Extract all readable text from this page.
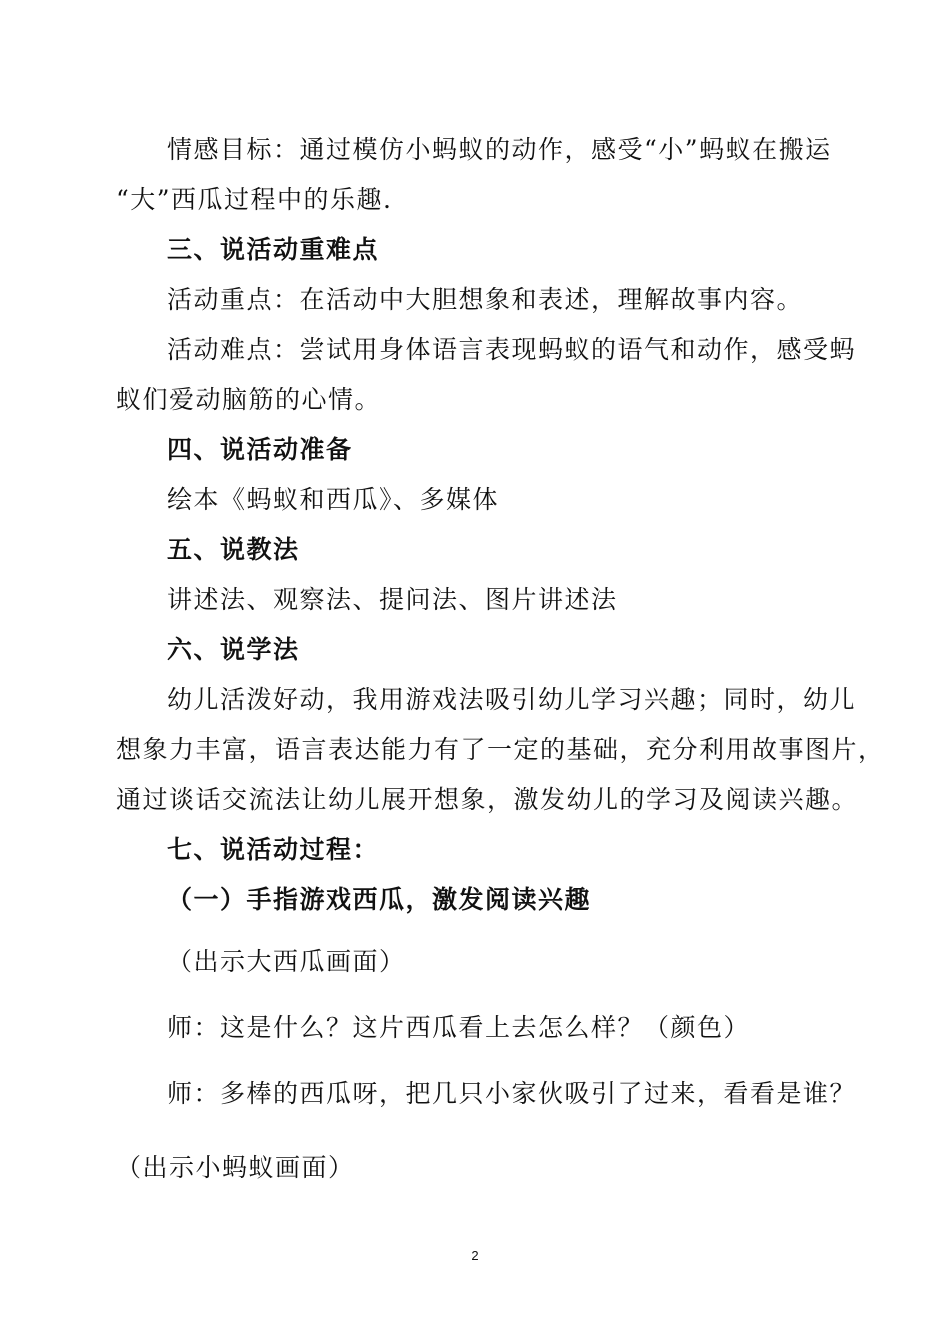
情感目标：通过模仿小蚂蚁的动作，感受“小”蚂蚁在搬运
“大”西瓜过程中的乐趣.
三、说活动重难点
活动重点：在活动中大胆想象和表述，理解故事内容。
活动难点：尝试用身体语言表现蚂蚁的语气和动作，感受蚂
蚁们爱动脑筋的心情。
四、说活动准备
绘本《蚂蚁和西瓜》、多媒体
五、说教法
讲述法、观察法、提问法、图片讲述法
六、说学法
幼儿活泼好动，我用游戏法吸引幼儿学习兴趣；同时，幼儿
想象力丰富，语言表达能力有了一定的基础，充分利用故事图片，
通过谈话交流法让幼儿展开想象，激发幼儿的学习及阅读兴趣。
七、说活动过程：
（一）手指游戏西瓜，激发阅读兴趣
（出示大西瓜画面）
师：这是什么？这片西瓜看上去怎么样？（颜色）
师：多棒的西瓜呀，把几只小家伙吸引了过来，看看是谁？
（出示小蚂蚁画面）
2
